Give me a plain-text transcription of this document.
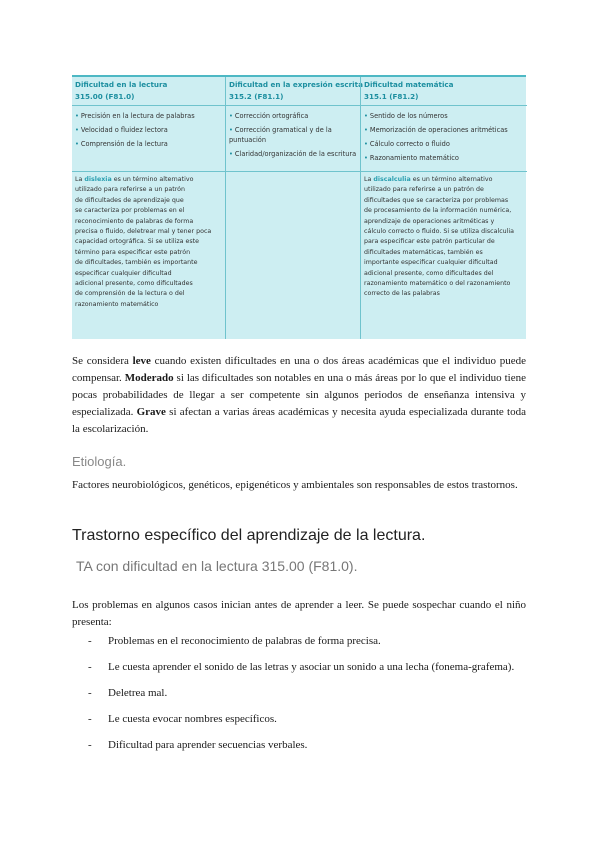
Dificultad en la lectura
315.00 (F81.0)
• Precisión en la lectura de palabras
• Velocidad o fluidez lectora
• Comprensión de la lectura
La dislexia es un término alternativo
utilizado para referirse a un patrón
de dificultades de aprendizaje que
se caracteriza por problemas en el
reconocimiento de palabras de forma
precisa o fluido, deletrear mal y tener poca
capacidad ortográfica. Si se utiliza este
término para especificar este patrón
de dificultades, también es importante
especificar cualquier dificultad
adicional presente, como dificultades
de comprensión de la lectura o del
razonamiento matemático
Dificultad en la expresión escrita
315.2 (F81.1)
• Corrección ortográfica
• Corrección gramatical y de la puntuación
• Claridad/organización de la escritura
Dificultad matemática
315.1 (F81.2)
• Sentido de los números
• Memorización de operaciones aritméticas
• Cálculo correcto o fluido
• Razonamiento matemático
La discalculia es un término alternativo
utilizado para referirse a un patrón de
dificultades que se caracteriza por problemas
de procesamiento de la información numérica,
aprendizaje de operaciones aritméticas y
cálculo correcto o fluido. Si se utiliza discalculia
para especificar este patrón particular de
dificultades matemáticas, también es
importante especificar cualquier dificultad
adicional presente, como dificultades del
razonamiento matemático o del razonamiento
correcto de las palabras

Se considera leve cuando existen dificultades en una o dos áreas académicas que el individuo puede compensar. Moderado si las dificultades son notables en una o más áreas por lo que el individuo tiene pocas probabilidades de llegar a ser competente sin algunos periodos de enseñanza intensiva y especializada. Grave si afectan a varias áreas académicas y necesita ayuda especializada durante toda la escolarización.

Etiología.

Factores neurobiológicos, genéticos, epigenéticos y ambientales son responsables de estos trastornos.

Trastorno específico del aprendizaje de la lectura.
TA con dificultad en la lectura 315.00 (F81.0).

Los problemas en algunos casos inician antes de aprender a leer. Se puede sospechar cuando el niño presenta:

- Problemas en el reconocimiento de palabras de forma precisa.
- Le cuesta aprender el sonido de las letras y asociar un sonido a una lecha (fonema-grafema).
- Deletrea mal.
- Le cuesta evocar nombres específicos.
- Dificultad para aprender secuencias verbales.
